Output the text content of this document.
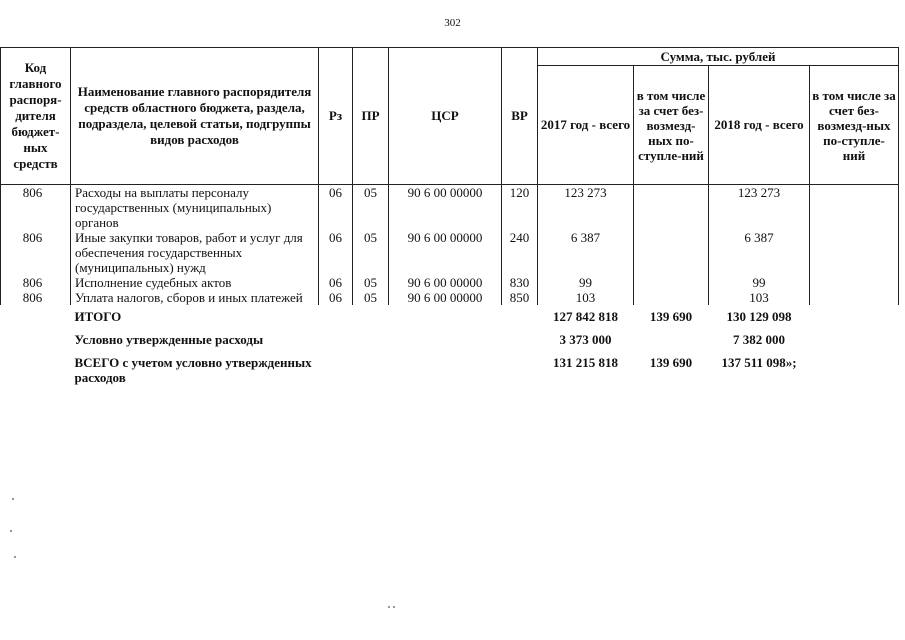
302
Код главного распоря-дителя бюджет-ных средств	Наименование главного распорядителя средств областного бюджета, раздела, подраздела, целевой статьи, подгруппы видов расходов	Рз	ПР	ЦСР	ВР	Сумма, тыс. рублей			
						2017 год - всего	в том числе за счет без-возмезд-ных по-ступле-ний	2018 год - всего	в том числе за счет без-возмезд-ных по-ступле-ний
806	Расходы на выплаты персоналу государственных (муниципальных) органов	06	05	90 6 00 00000	120	123 273		123 273	
806	Иные закупки товаров, работ и услуг для обеспечения государственных (муниципальных) нужд	06	05	90 6 00 00000	240	6 387		6 387	
806	Исполнение судебных актов	06	05	90 6 00 00000	830	99		99	
806	Уплата налогов, сборов и иных платежей	06	05	90 6 00 00000	850	103		103	
	ИТОГО					127 842 818	139 690	130 129 098	
	Условно утвержденные расходы					3 373 000		7 382 000	
	ВСЕГО с учетом условно утвержденных расходов					131 215 818	139 690	137 511 098»;	
